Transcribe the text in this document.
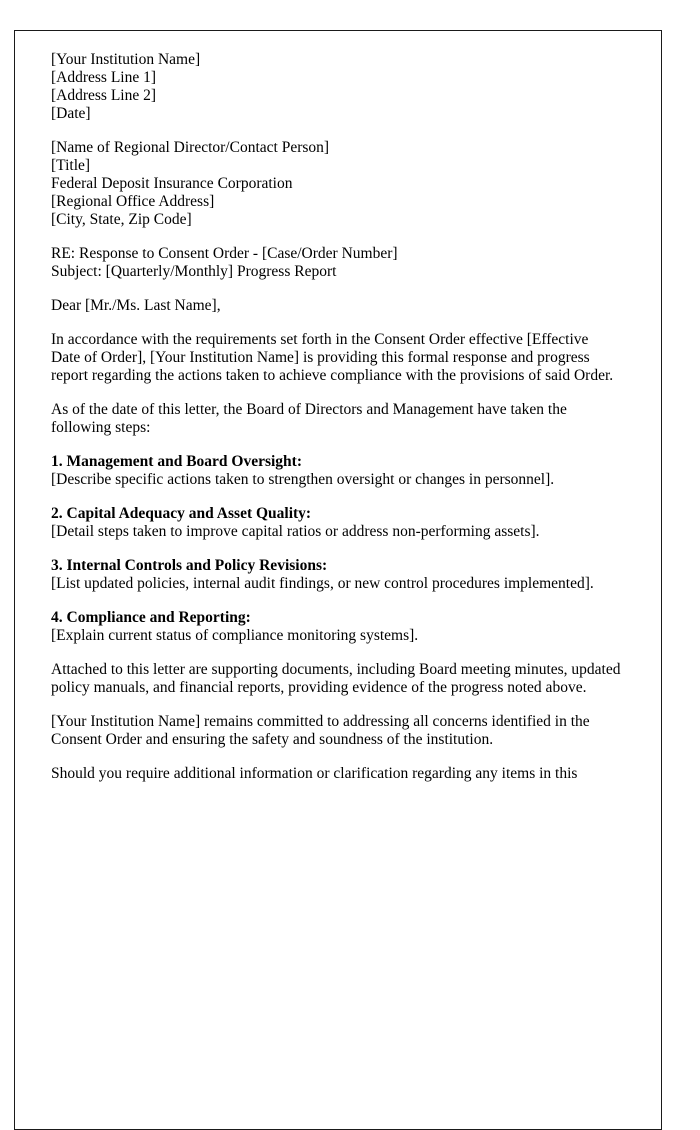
[Your Institution Name]
[Address Line 1]
[Address Line 2]
[Date]
[Name of Regional Director/Contact Person]
[Title]
Federal Deposit Insurance Corporation
[Regional Office Address]
[City, State, Zip Code]
RE: Response to Consent Order - [Case/Order Number]
Subject: [Quarterly/Monthly] Progress Report
Dear [Mr./Ms. Last Name],
In accordance with the requirements set forth in the Consent Order effective [Effective Date of Order], [Your Institution Name] is providing this formal response and progress report regarding the actions taken to achieve compliance with the provisions of said Order.
As of the date of this letter, the Board of Directors and Management have taken the following steps:
1. Management and Board Oversight:
[Describe specific actions taken to strengthen oversight or changes in personnel].
2. Capital Adequacy and Asset Quality:
[Detail steps taken to improve capital ratios or address non-performing assets].
3. Internal Controls and Policy Revisions:
[List updated policies, internal audit findings, or new control procedures implemented].
4. Compliance and Reporting:
[Explain current status of compliance monitoring systems].
Attached to this letter are supporting documents, including Board meeting minutes, updated policy manuals, and financial reports, providing evidence of the progress noted above.
[Your Institution Name] remains committed to addressing all concerns identified in the Consent Order and ensuring the safety and soundness of the institution.
Should you require additional information or clarification regarding any items in this
